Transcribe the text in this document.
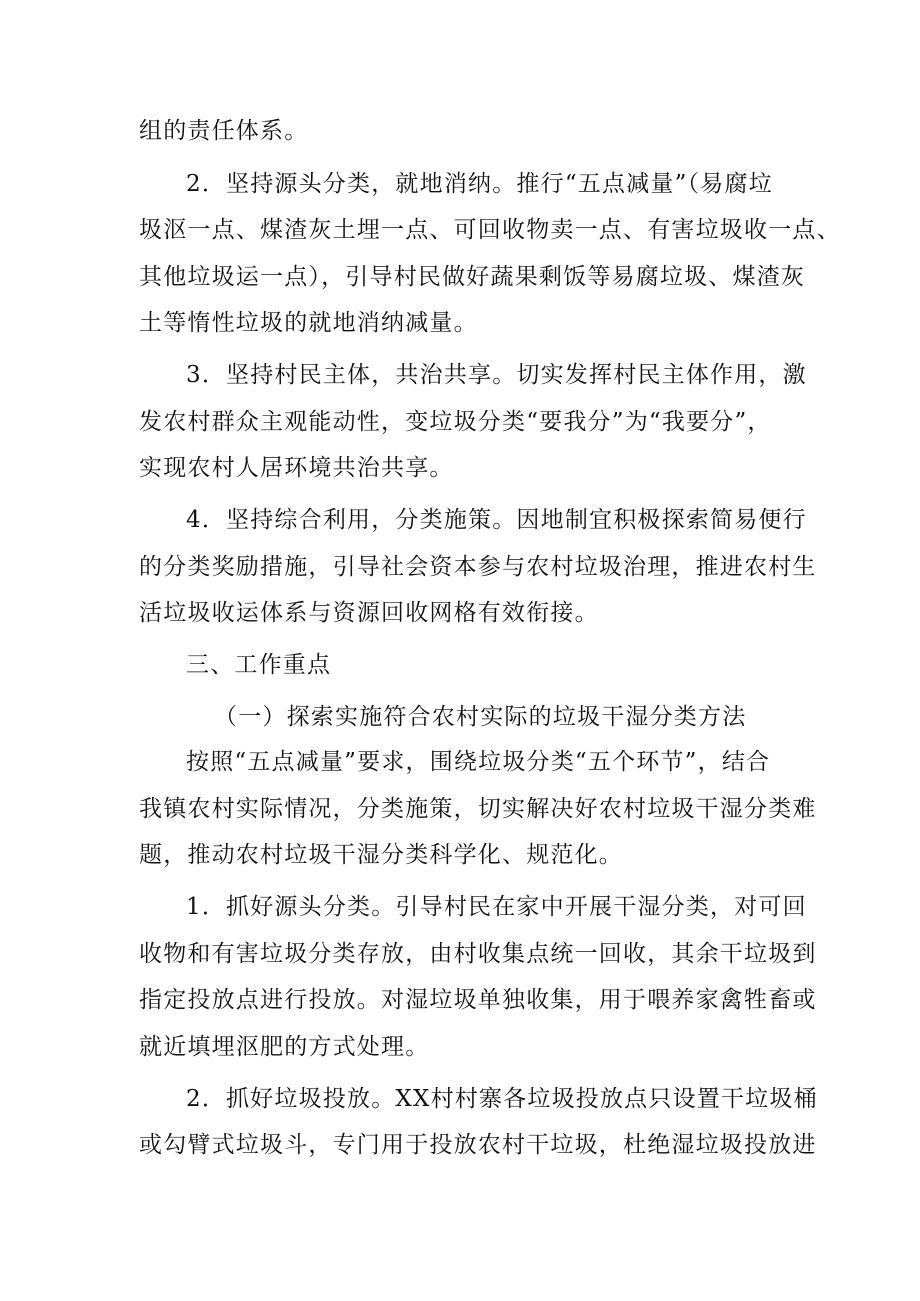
组的责任体系。
2．坚持源头分类，就地消纳。推行“五点减量”（易腐垃
圾沤一点、煤渣灰土埋一点、可回收物卖一点、有害垃圾收一点、
其他垃圾运一点），引导村民做好蔬果剩饭等易腐垃圾、煤渣灰
土等惰性垃圾的就地消纳减量。
3．坚持村民主体，共治共享。切实发挥村民主体作用，激
发农村群众主观能动性，变垃圾分类“要我分”为“我要分”，
实现农村人居环境共治共享。
4．坚持综合利用，分类施策。因地制宜积极探索简易便行
的分类奖励措施，引导社会资本参与农村垃圾治理，推进农村生
活垃圾收运体系与资源回收网格有效衔接。
三、工作重点
（一）探索实施符合农村实际的垃圾干湿分类方法
按照“五点减量”要求，围绕垃圾分类“五个环节”，结合
我镇农村实际情况，分类施策，切实解决好农村垃圾干湿分类难
题，推动农村垃圾干湿分类科学化、规范化。
1．抓好源头分类。引导村民在家中开展干湿分类，对可回
收物和有害垃圾分类存放，由村收集点统一回收，其余干垃圾到
指定投放点进行投放。对湿垃圾单独收集，用于喂养家禽牲畜或
就近填埋沤肥的方式处理。
2．抓好垃圾投放。XX村村寨各垃圾投放点只设置干垃圾桶
或勾臂式垃圾斗，专门用于投放农村干垃圾，杜绝湿垃圾投放进
